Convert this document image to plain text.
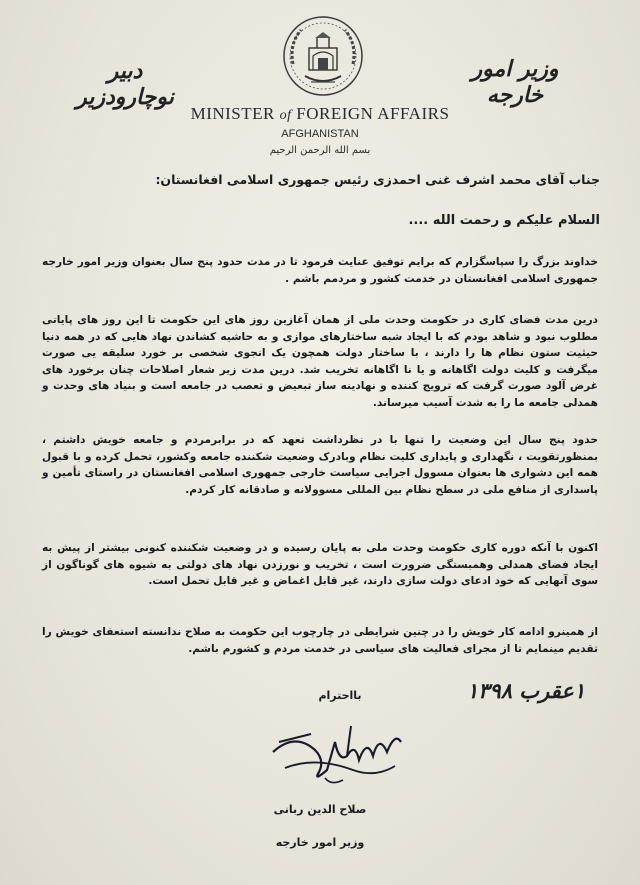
دبیر نوچارودزیر
وزیر امور خارجه
MINISTER of FOREIGN AFFAIRS
AFGHANISTAN
بسم الله الرحمن الرحیم
جناب آقای محمد اشرف غنی احمدزی رئیس جمهوری اسلامی افغانستان:
السلام علیکم و رحمت الله ....
خداوند بزرگ را سپاسگزارم که برایم توفیق عنایت فرمود تا در مدت حدود پنج سال بعنوان وزیر امور خارجه جمهوری اسلامی افغانستان در خدمت کشور و مردمم باشم .
درین مدت فضای کاری در حکومت وحدت ملی از همان آغازین روز های این حکومت تا این روز های پایانی مطلوب نبود و شاهد بودم که با ایجاد شبه ساختارهای موازی و به حاشیه کشاندن نهاد هایی که در همه دنیا حیثیت ستون نظام ها را دارند ، با ساختار دولت همچون یک انجوی شخصی بر خورد سلیقه یی صورت میگرفت و کلیت دولت اگاهانه و یا نا اگاهانه تخریب شد. درین مدت زیر شعار اصلاحات چنان برخورد های غرض آلود صورت گرفت که ترویج کننده و نهادینه ساز تبعیض و تعصب در جامعه است و بنیاد های وحدت و همدلی جامعه ما را به شدت آسیب میرساند.
حدود پنج سال این وضعیت را تنها با در نظرداشت تعهد که در برابرمردم و جامعه خویش داشتم ، بمنظورتقویت ، نگهداری و پایداری کلیت نظام وبادرک وضعیت شکننده جامعه وکشور، تحمل کرده و با قبول همه این دشواری ها بعنوان مسوول اجرایی سیاست خارجی جمهوری اسلامی افغانستان در راستای تأمین و پاسداری از منافع ملی در سطح نظام بین المللی مسوولانه و صادقانه کار کردم.
اکنون با آنکه دوره کاری حکومت وحدت ملی به پایان رسیده و در وضعیت شکننده کنونی بیشتر از پیش به ایجاد فضای همدلی وهمبستگی ضرورت است ، تخریب و نورزدن نهاد های دولتی به شیوه های گوناگون از سوی آنهایی که خود ادعای دولت سازی دارند، غیر قابل اغماض و غیر قابل تحمل است.
از همینرو ادامه کار خویش را در چنین شرایطی در چارچوب این حکومت به صلاح ندانسته استعفای خویش را تقدیم مینمایم تا از مجرای فعالیت های سیاسی در خدمت مردم و کشورم باشم.
بااحترام	۱عقرب ۱۳۹۸
صلاح الدین ربانی
وزیر امور خارجه
